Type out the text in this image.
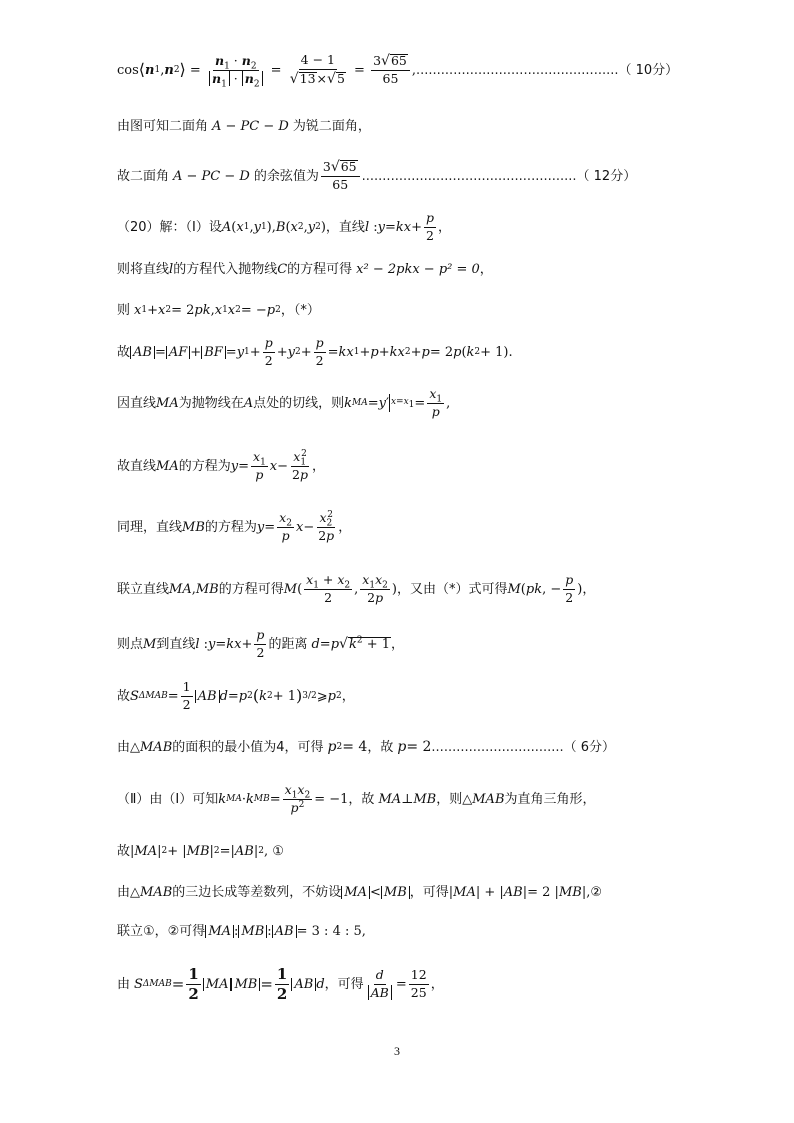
cos ⟨ n 1 , n 2 ⟩ = $\frac{n_1 \cdot n_2}{n_1 \cdot n_2} = \frac{4 - 1}{√ 13 \times √ 5} = \frac{3 √ 65}{65}$ , ................................................. （ 10分）
由图可知二面角 A − PC − D 为锐二面角，
故二面角 A − PC − D 的余弦值为 $\frac{3 √ 65}{65}$ .................................................... （ 12分）
（20）解：（Ⅰ）设 A ( x 1 , y 1 ), B ( x 2 , y 2 ) ，直线 l : y = kx + $\frac{p}{2}$ ，
则将直线 l 的方程代入抛物线 C 的方程可得 x² − 2pkx − p² = 0 ，
则 x 1 + x 2 = 2 pk , x 1 x 2 = − p 2 ，（*）
故 AB = AF + BF = y $1 + \frac{p}{2} + y$ $2 + \frac{p}{2}$ = kx 1 + p + kx 2 + p = 2 p ( k 2 + 1).
因直线 MA 为抛物线在 A 点处的切线，则 k MA = y ′ $x=x_1 = \frac{x_1}{p}$ ,
故直线 MA 的方程为 $y = \frac{x_1}{p}$ $x - \frac{x_1^2}{2p}$ ，
同理，直线 MB 的方程为 $y = \frac{x_2}{p}$ $x - \frac{x_2^2}{2p}$ ，
联立直线 MA , MB 的方程可得 M ( $\frac{x_1 + x_2}{2}$ , $\frac{x_1x_2}{2p}$ ) ，又由（*）式可得 M ( pk , − $\frac{p}{2}$ ) ，
则点 M 到直线 l : y = kx + $\frac{p}{2}$ 的距离 d = p √ $k^2 + 1$ ，
故 S $\Delta MAB = \frac{1}{2}$ AB d = p 2 ( k 2 + 1 ) 3/2 ⩾ p 2 ，
由△ MAB 的面积的最小值为4，可得 p 2 = 4 ，故 p = 2 ................................ （ 6分）
（Ⅱ）由（Ⅰ）可知 k MA · k MB = $\frac{x_1x_2}{p^2} = -1$ ，故 MA ⊥ MB ，则△ MAB 为直角三角形，
故 | MA | 2 + | MB | 2 =| AB | 2 , ①
由△ MAB 的三边长成等差数列，不妨设 MA < MB ，可得 | MA | + | AB |= 2 | MB |, ②
联立①，②可得 MA : MB : AB = 3 : 4 : 5,
由 S $\Delta MAB = \frac{1}{2}$ MA MB = $\frac{1}{2}$ AB d ，可得 $\frac{d}{AB} = \frac{12}{25}$ ，
3
